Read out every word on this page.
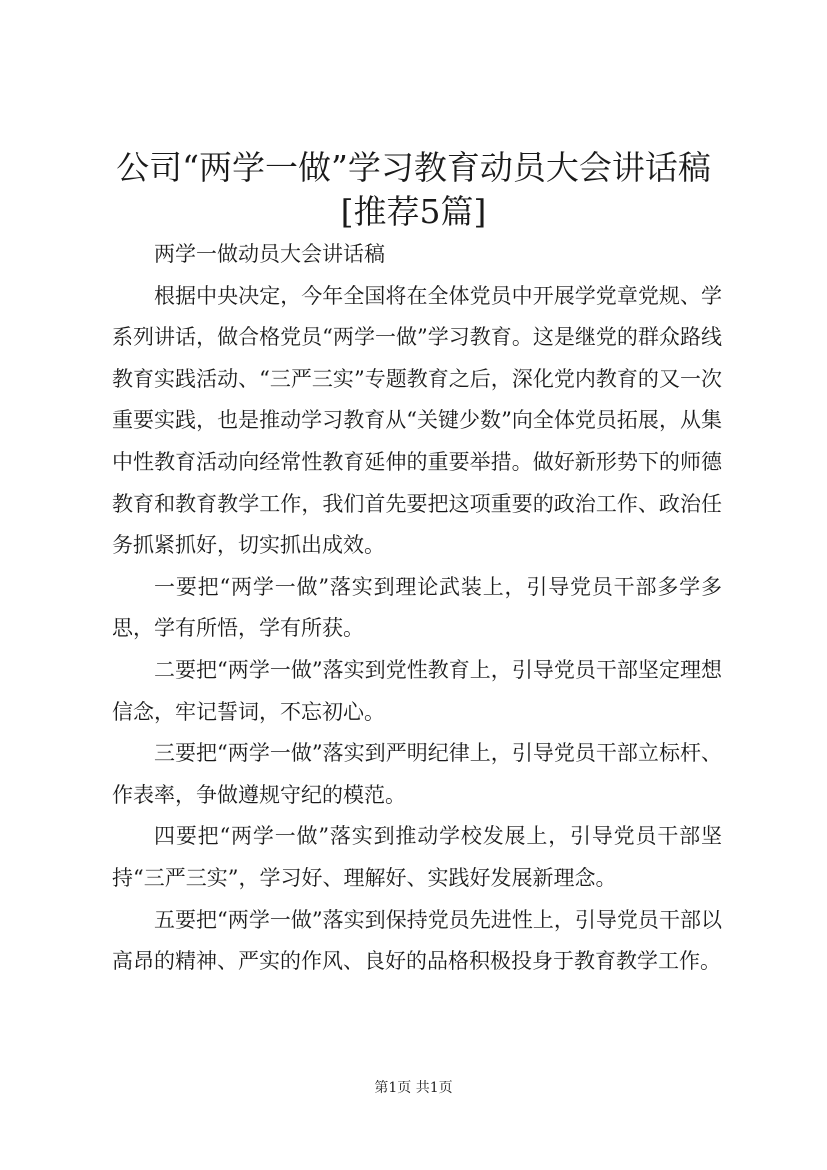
公司“两学一做”学习教育动员大会讲话稿
[推荐5篇]

两学一做动员大会讲话稿

根据中央决定，今年全国将在全体党员中开展学党章党规、学系列讲话，做合格党员“两学一做”学习教育。这是继党的群众路线教育实践活动、“三严三实”专题教育之后，深化党内教育的又一次重要实践，也是推动学习教育从“关键少数”向全体党员拓展，从集中性教育活动向经常性教育延伸的重要举措。做好新形势下的师德教育和教育教学工作，我们首先要把这项重要的政治工作、政治任务抓紧抓好，切实抓出成效。

一要把“两学一做”落实到理论武装上，引导党员干部多学多思，学有所悟，学有所获。

二要把“两学一做”落实到党性教育上，引导党员干部坚定理想信念，牢记誓词，不忘初心。

三要把“两学一做”落实到严明纪律上，引导党员干部立标杆、作表率，争做遵规守纪的模范。

四要把“两学一做”落实到推动学校发展上，引导党员干部坚持“三严三实”，学习好、理解好、实践好发展新理念。

五要把“两学一做”落实到保持党员先进性上，引导党员干部以高昂的精神、严实的作风、良好的品格积极投身于教育教学工作。

第1页 共1页
